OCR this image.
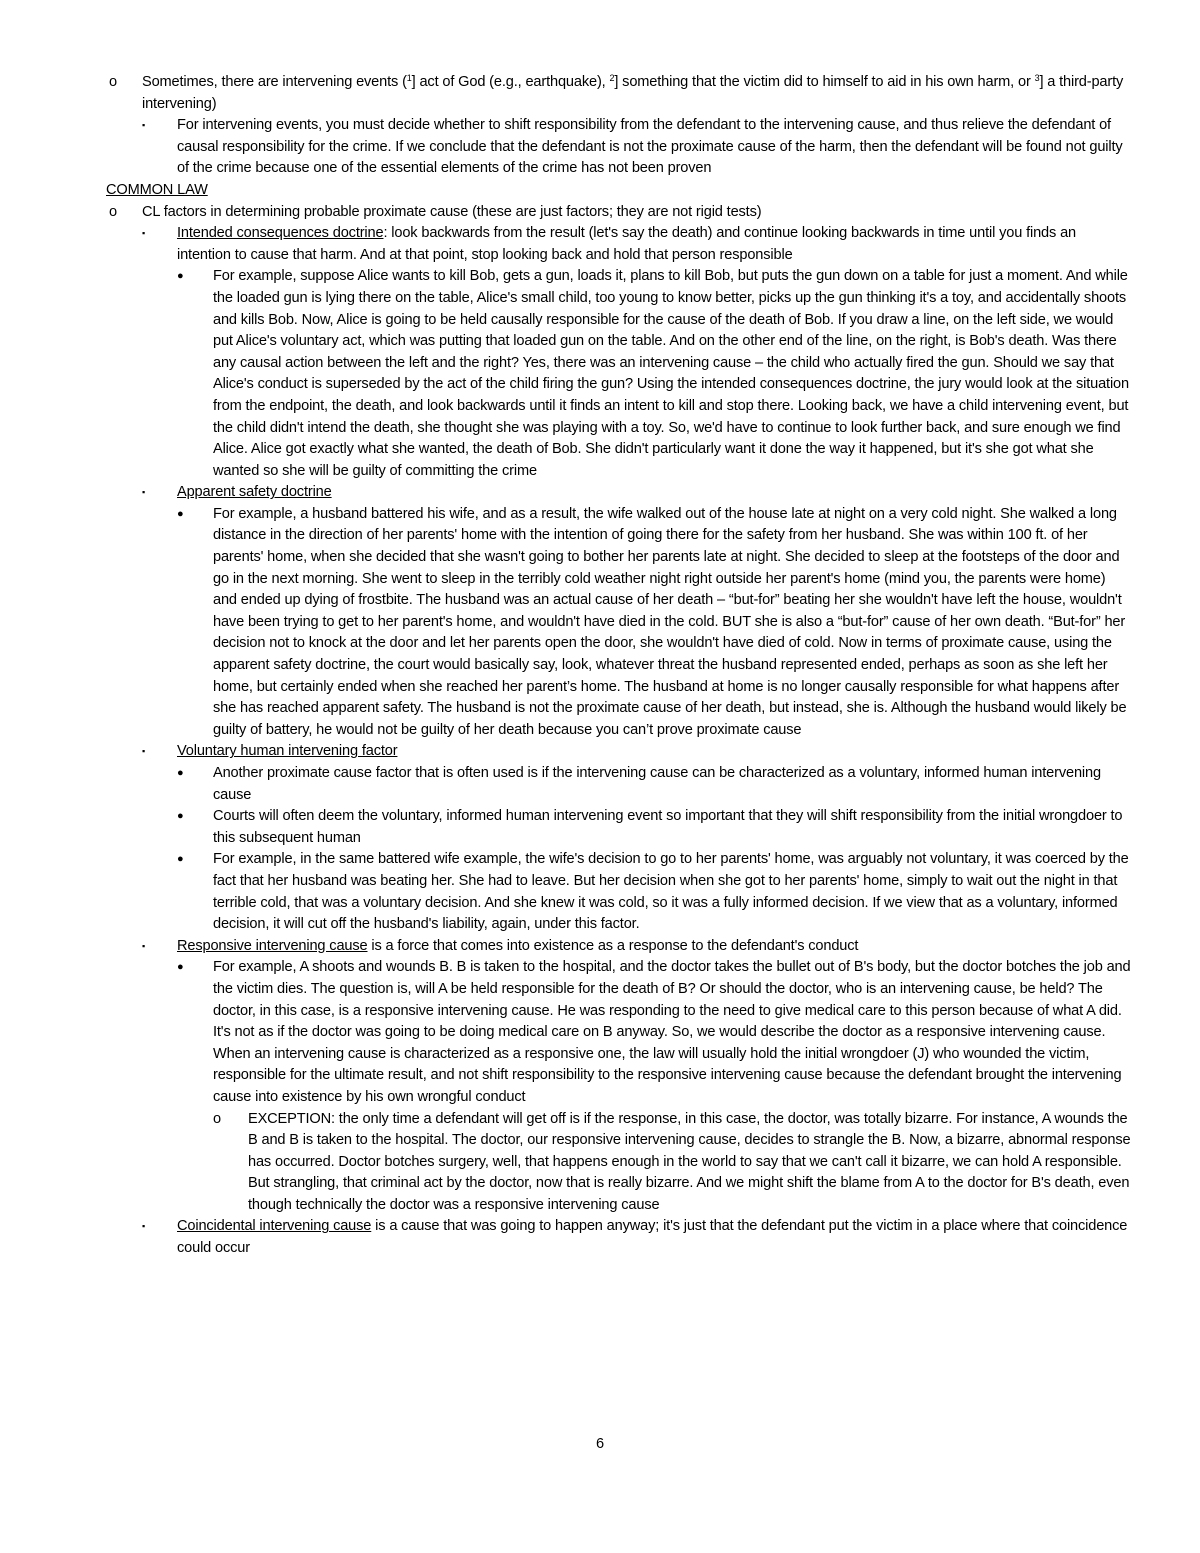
o Sometimes, there are intervening events ($^1$] act of God (e.g., earthquake), $^2$] something that the victim did to himself to aid in his own harm, or $^3$] a third-party intervening)
▪ For intervening events, you must decide whether to shift responsibility from the defendant to the intervening cause, and thus relieve the defendant of causal responsibility for the crime. If we conclude that the defendant is not the proximate cause of the harm, then the defendant will be found not guilty of the crime because one of the essential elements of the crime has not been proven
COMMON LAW
o CL factors in determining probable proximate cause (these are just factors; they are not rigid tests)
▪ Intended consequences doctrine: look backwards from the result (let's say the death) and continue looking backwards in time until you finds an intention to cause that harm. And at that point, stop looking back and hold that person responsible
● For example, suppose Alice wants to kill Bob, gets a gun, loads it, plans to kill Bob, but puts the gun down on a table for just a moment. And while the loaded gun is lying there on the table, Alice's small child, too young to know better, picks up the gun thinking it's a toy, and accidentally shoots and kills Bob. Now, Alice is going to be held causally responsible for the cause of the death of Bob. If you draw a line, on the left side, we would put Alice's voluntary act, which was putting that loaded gun on the table. And on the other end of the line, on the right, is Bob's death. Was there any causal action between the left and the right? Yes, there was an intervening cause – the child who actually fired the gun. Should we say that Alice's conduct is superseded by the act of the child firing the gun? Using the intended consequences doctrine, the jury would look at the situation from the endpoint, the death, and look backwards until it finds an intent to kill and stop there. Looking back, we have a child intervening event, but the child didn't intend the death, she thought she was playing with a toy. So, we'd have to continue to look further back, and sure enough we find Alice. Alice got exactly what she wanted, the death of Bob. She didn't particularly want it done the way it happened, but it's she got what she wanted so she will be guilty of committing the crime
▪ Apparent safety doctrine
● For example, a husband battered his wife, and as a result, the wife walked out of the house late at night on a very cold night. She walked a long distance in the direction of her parents' home with the intention of going there for the safety from her husband. She was within 100 ft. of her parents' home, when she decided that she wasn't going to bother her parents late at night. She decided to sleep at the footsteps of the door and go in the next morning. She went to sleep in the terribly cold weather night right outside her parent's home (mind you, the parents were home) and ended up dying of frostbite. The husband was an actual cause of her death – “but-for” beating her she wouldn't have left the house, wouldn't have been trying to get to her parent's home, and wouldn't have died in the cold. BUT she is also a “but-for” cause of her own death. “But-for” her decision not to knock at the door and let her parents open the door, she wouldn't have died of cold. Now in terms of proximate cause, using the apparent safety doctrine, the court would basically say, look, whatever threat the husband represented ended, perhaps as soon as she left her home, but certainly ended when she reached her parent’s home. The husband at home is no longer causally responsible for what happens after she has reached apparent safety. The husband is not the proximate cause of her death, but instead, she is. Although the husband would likely be guilty of battery, he would not be guilty of her death because you can’t prove proximate cause
▪ Voluntary human intervening factor
● Another proximate cause factor that is often used is if the intervening cause can be characterized as a voluntary, informed human intervening cause
● Courts will often deem the voluntary, informed human intervening event so important that they will shift responsibility from the initial wrongdoer to this subsequent human
● For example, in the same battered wife example, the wife's decision to go to her parents' home, was arguably not voluntary, it was coerced by the fact that her husband was beating her. She had to leave. But her decision when she got to her parents' home, simply to wait out the night in that terrible cold, that was a voluntary decision. And she knew it was cold, so it was a fully informed decision. If we view that as a voluntary, informed decision, it will cut off the husband's liability, again, under this factor.
▪ Responsive intervening cause is a force that comes into existence as a response to the defendant's conduct
● For example, A shoots and wounds B. B is taken to the hospital, and the doctor takes the bullet out of B's body, but the doctor botches the job and the victim dies. The question is, will A be held responsible for the death of B? Or should the doctor, who is an intervening cause, be held? The doctor, in this case, is a responsive intervening cause. He was responding to the need to give medical care to this person because of what A did. It's not as if the doctor was going to be doing medical care on B anyway. So, we would describe the doctor as a responsive intervening cause. When an intervening cause is characterized as a responsive one, the law will usually hold the initial wrongdoer (J) who wounded the victim, responsible for the ultimate result, and not shift responsibility to the responsive intervening cause because the defendant brought the intervening cause into existence by his own wrongful conduct
o EXCEPTION: the only time a defendant will get off is if the response, in this case, the doctor, was totally bizarre. For instance, A wounds the B and B is taken to the hospital. The doctor, our responsive intervening cause, decides to strangle the B. Now, a bizarre, abnormal response has occurred. Doctor botches surgery, well, that happens enough in the world to say that we can't call it bizarre, we can hold A responsible. But strangling, that criminal act by the doctor, now that is really bizarre. And we might shift the blame from A to the doctor for B's death, even though technically the doctor was a responsive intervening cause
▪ Coincidental intervening cause is a cause that was going to happen anyway; it's just that the defendant put the victim in a place where that coincidence could occur
6
